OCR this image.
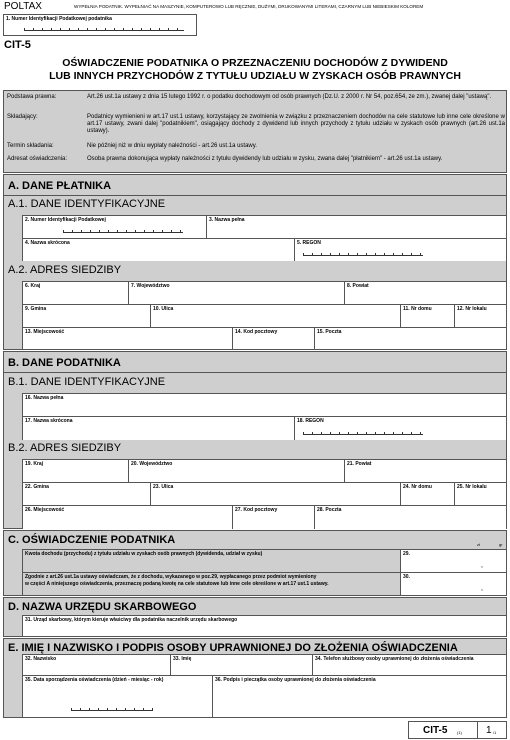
POLTAX	WYPEŁNIA PODATNIK. WYPEŁNIAĆ NA MASZYNIE, KOMPUTEROWO LUB RĘCZNIE, DUŻYMI, DRUKOWANYMI LITERAMI, CZARNYM LUB NIEBIESKIM KOLOREM
1. Numer Identyfikacji Podatkowej podatnika
CIT-5
OŚWIADCZENIE PODATNIKA O PRZEZNACZENIU DOCHODÓW Z DYWIDEND
LUB INNYCH PRZYCHODÓW Z TYTUŁU UDZIAŁU W ZYSKACH OSÓB PRAWNYCH
Podstawa prawna:	Art.26 ust.1a ustawy z dnia 15 lutego 1992 r. o podatku dochodowym od osób prawnych (Dz.U. z 2000 r. Nr 54, poz.654, ze zm.), zwanej dalej "ustawą".
Składający:	Podatnicy wymienieni w art.17 ust.1 ustawy, korzystający ze zwolnienia w związku z przeznaczeniem dochodów na cele statutowe lub inne cele określone w art.17 ustawy, zwani dalej "podatnikiem", osiągający dochody z dywidend lub innych przychody z tytułu udziału w zyskach osób prawnych (art.26 ust.1a ustawy).
Termin składania:	Nie później niż w dniu wypłaty należności - art.26 ust.1a ustawy.
Adresat oświadczenia:	Osoba prawna dokonująca wypłaty należności z tytułu dywidendy lub udziału w zysku, zwana dalej "płatnikiem" - art.26 ust.1a ustawy.
A. DANE PŁATNIKA
A.1. DANE IDENTYFIKACYJNE
2. Numer Identyfikacji Podatkowej	3. Nazwa pełna
4. Nazwa skrócona	5. REGON
A.2. ADRES SIEDZIBY
6. Kraj	7. Województwo	8. Powiat
9. Gmina	10. Ulica	11. Nr domu	12. Nr lokalu
13. Miejscowość	14. Kod pocztowy	15. Poczta
B. DANE PODATNIKA
B.1. DANE IDENTYFIKACYJNE
16. Nazwa pełna
17. Nazwa skrócona	18. REGON
B.2. ADRES SIEDZIBY
19. Kraj	20. Województwo	21. Powiat
22. Gmina	23. Ulica	24. Nr domu	25. Nr lokalu
26. Miejscowość	27. Kod pocztowy	28. Poczta
C. OŚWIADCZENIE PODATNIKA	zł	gr
Kwota dochodu (przychodu) z tytułu udziału w zyskach osób prawnych (dywidenda, udział w zysku)	29.
,
Zgodnie z art.26 ust.1a ustawy oświadczam, że z dochodu, wykazanego w poz.29, wypłacanego przez podmiot wymieniony
w części A niniejszego oświadczenia, przeznaczę podaną kwotę na cele statutowe lub inne cele określone w art.17 ust.1 ustawy.
30.
,
D. NAZWA URZĘDU SKARBOWEGO
31. Urząd skarbowy, którym kieruje właściwy dla podatnika naczelnik urzędu skarbowego
E. IMIĘ I NAZWISKO I PODPIS OSOBY UPRAWNIONEJ DO ZŁOŻENIA OŚWIADCZENIA
32. Nazwisko	33. Imię	34. Telefon służbowy osoby uprawnionej do złożenia oświadczenia
35. Data sporządzenia oświadczenia (dzień - miesiąc - rok)	36. Podpis i pieczątka osoby uprawnionej do złożenia oświadczenia
CIT-5 (1) 1 /1
